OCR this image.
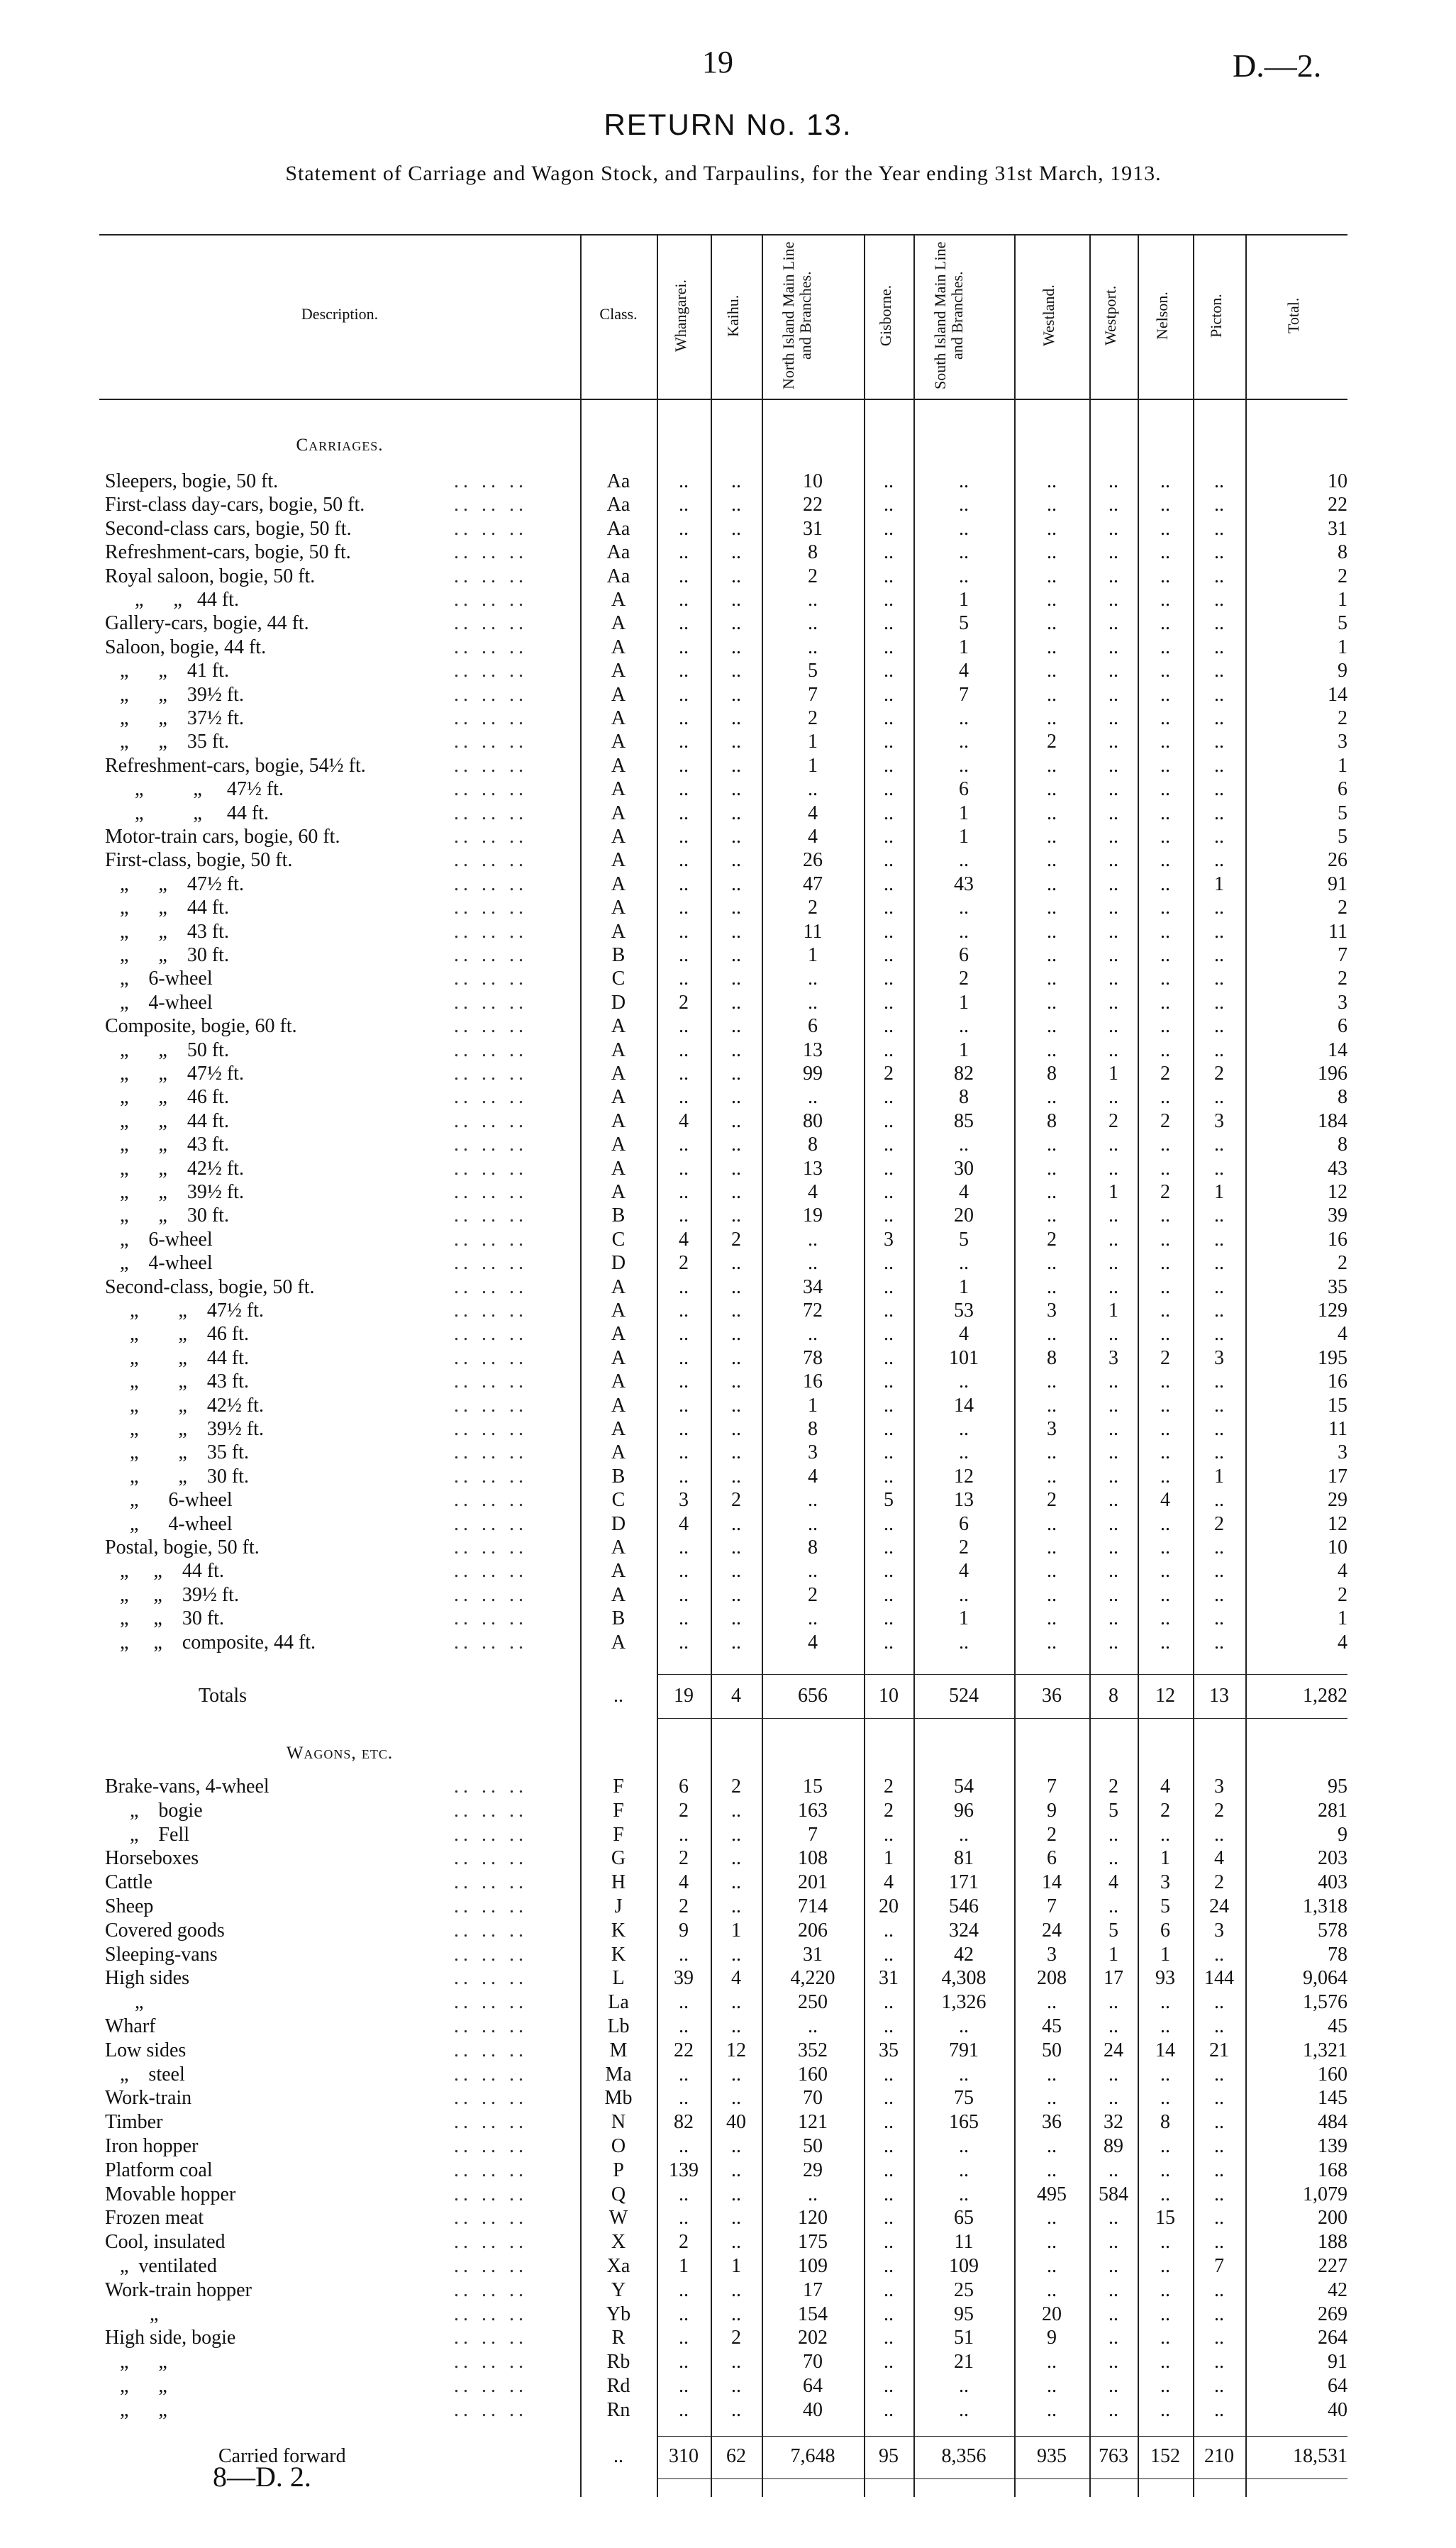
19	D.—2.
RETURN No. 13.
Statement of Carriage and Wagon Stock, and Tarpaulins, for the Year ending 31st March, 1913.
Description.	Class.	Whangarei.	Kaihu.	North Island Main Line and Branches.	Gisborne.	South Island Main Line and Branches.	Westland.	Westport.	Nelson.	Picton.	Total.
Carriages.
Sleepers, bogie, 50 ft.	.. .. ..	Aa	..	..	10	..	..	..	..	..	..	10
First-class day-cars, bogie, 50 ft.	.. .. ..	Aa	..	..	22	..	..	..	..	..	..	22
Second-class cars, bogie, 50 ft.	.. .. ..	Aa	..	..	31	..	..	..	..	..	..	31
Refreshment-cars, bogie, 50 ft.	.. .. ..	Aa	..	..	8	..	..	..	..	..	..	8
Royal saloon, bogie, 50 ft.	.. .. ..	Aa	..	..	2	..	..	..	..	..	..	2
„      „   44 ft.	.. .. ..	A	..	..	..	..	1	..	..	..	..	1
Gallery-cars, bogie, 44 ft.	.. .. ..	A	..	..	..	..	5	..	..	..	..	5
Saloon, bogie, 44 ft.	.. .. ..	A	..	..	..	..	1	..	..	..	..	1
„      „    41 ft.	.. .. ..	A	..	..	5	..	4	..	..	..	..	9
„      „    39½ ft.	.. .. ..	A	..	..	7	..	7	..	..	..	..	14
„      „    37½ ft.	.. .. ..	A	..	..	2	..	..	..	..	..	..	2
„      „    35 ft.	.. .. ..	A	..	..	1	..	..	2	..	..	..	3
Refreshment-cars, bogie, 54½ ft.	.. .. ..	A	..	..	1	..	..	..	..	..	..	1
„          „     47½ ft.	.. .. ..	A	..	..	..	..	6	..	..	..	..	6
„          „     44 ft.	.. .. ..	A	..	..	4	..	1	..	..	..	..	5
Motor-train cars, bogie, 60 ft.	.. .. ..	A	..	..	4	..	1	..	..	..	..	5
First-class, bogie, 50 ft.	.. .. ..	A	..	..	26	..	..	..	..	..	..	26
„      „    47½ ft.	.. .. ..	A	..	..	47	..	43	..	..	..	1	91
„      „    44 ft.	.. .. ..	A	..	..	2	..	..	..	..	..	..	2
„      „    43 ft.	.. .. ..	A	..	..	11	..	..	..	..	..	..	11
„      „    30 ft.	.. .. ..	B	..	..	1	..	6	..	..	..	..	7
„    6-wheel	.. .. ..	C	..	..	..	..	2	..	..	..	..	2
„    4-wheel	.. .. ..	D	2	..	..	..	1	..	..	..	..	3
Composite, bogie, 60 ft.	.. .. ..	A	..	..	6	..	..	..	..	..	..	6
„      „    50 ft.	.. .. ..	A	..	..	13	..	1	..	..	..	..	14
„      „    47½ ft.	.. .. ..	A	..	..	99	2	82	8	1	2	2	196
„      „    46 ft.	.. .. ..	A	..	..	..	..	8	..	..	..	..	8
„      „    44 ft.	.. .. ..	A	4	..	80	..	85	8	2	2	3	184
„      „    43 ft.	.. .. ..	A	..	..	8	..	..	..	..	..	..	8
„      „    42½ ft.	.. .. ..	A	..	..	13	..	30	..	..	..	..	43
„      „    39½ ft.	.. .. ..	A	..	..	4	..	4	..	1	2	1	12
„      „    30 ft.	.. .. ..	B	..	..	19	..	20	..	..	..	..	39
„    6-wheel	.. .. ..	C	4	2	..	3	5	2	..	..	..	16
„    4-wheel	.. .. ..	D	2	..	..	..	..	..	..	..	..	2
Second-class, bogie, 50 ft.	.. .. ..	A	..	..	34	..	1	..	..	..	..	35
„        „    47½ ft.	.. .. ..	A	..	..	72	..	53	3	1	..	..	129
„        „    46 ft.	.. .. ..	A	..	..	..	..	4	..	..	..	..	4
„        „    44 ft.	.. .. ..	A	..	..	78	..	101	8	3	2	3	195
„        „    43 ft.	.. .. ..	A	..	..	16	..	..	..	..	..	..	16
„        „    42½ ft.	.. .. ..	A	..	..	1	..	14	..	..	..	..	15
„        „    39½ ft.	.. .. ..	A	..	..	8	..	..	3	..	..	..	11
„        „    35 ft.	.. .. ..	A	..	..	3	..	..	..	..	..	..	3
„        „    30 ft.	.. .. ..	B	..	..	4	..	12	..	..	..	1	17
„      6-wheel	.. .. ..	C	3	2	..	5	13	2	..	4	..	29
„      4-wheel	.. .. ..	D	4	..	..	..	6	..	..	..	2	12
Postal, bogie, 50 ft.	.. .. ..	A	..	..	8	..	2	..	..	..	..	10
„     „    44 ft.	.. .. ..	A	..	..	..	..	4	..	..	..	..	4
„     „    39½ ft.	.. .. ..	A	..	..	2	..	..	..	..	..	..	2
„     „    30 ft.	.. .. ..	B	..	..	..	..	1	..	..	..	..	1
„     „    composite, 44 ft.	.. .. ..	A	..	..	4	..	..	..	..	..	..	4
Totals	..	19	4	656	10	524	36	8	12	13	1,282
Wagons, etc.
Brake-vans, 4-wheel	.. .. ..	F	6	2	15	2	54	7	2	4	3	95
„    bogie	.. .. ..	F	2	..	163	2	96	9	5	2	2	281
„    Fell	.. .. ..	F	..	..	7	..	..	2	..	..	..	9
Horseboxes	.. .. ..	G	2	..	108	1	81	6	..	1	4	203
Cattle	.. .. ..	H	4	..	201	4	171	14	4	3	2	403
Sheep	.. .. ..	J	2	..	714	20	546	7	..	5	24	1,318
Covered goods	.. .. ..	K	9	1	206	..	324	24	5	6	3	578
Sleeping-vans	.. .. ..	K	..	..	31	..	42	3	1	1	..	78
High sides	.. .. ..	L	39	4	4,220	31	4,308	208	17	93	144	9,064
„	.. .. ..	La	..	..	250	..	1,326	..	..	..	..	1,576
Wharf	.. .. ..	Lb	..	..	..	..	..	45	..	..	..	45
Low sides	.. .. ..	M	22	12	352	35	791	50	24	14	21	1,321
„    steel	.. .. ..	Ma	..	..	160	..	..	..	..	..	..	160
Work-train	.. .. ..	Mb	..	..	70	..	75	..	..	..	..	145
Timber	.. .. ..	N	82	40	121	..	165	36	32	8	..	484
Iron hopper	.. .. ..	O	..	..	50	..	..	..	89	..	..	139
Platform coal	.. .. ..	P	139	..	29	..	..	..	..	..	..	168
Movable hopper	.. .. ..	Q	..	..	..	..	..	495	584	..	..	1,079
Frozen meat	.. .. ..	W	..	..	120	..	65	..	..	15	..	200
Cool, insulated	.. .. ..	X	2	..	175	..	11	..	..	..	..	188
„  ventilated	.. .. ..	Xa	1	1	109	..	109	..	..	..	7	227
Work-train hopper	.. .. ..	Y	..	..	17	..	25	..	..	..	..	42
„	.. .. ..	Yb	..	..	154	..	95	20	..	..	..	269
High side, bogie	.. .. ..	R	..	2	202	..	51	9	..	..	..	264
„      „	.. .. ..	Rb	..	..	70	..	21	..	..	..	..	91
„      „	.. .. ..	Rd	..	..	64	..	..	..	..	..	..	64
„      „	.. .. ..	Rn	..	..	40	..	..	..	..	..	..	40
Carried forward	..	310	62	7,648	95	8,356	935	763	152	210	18,531
8—D. 2.
